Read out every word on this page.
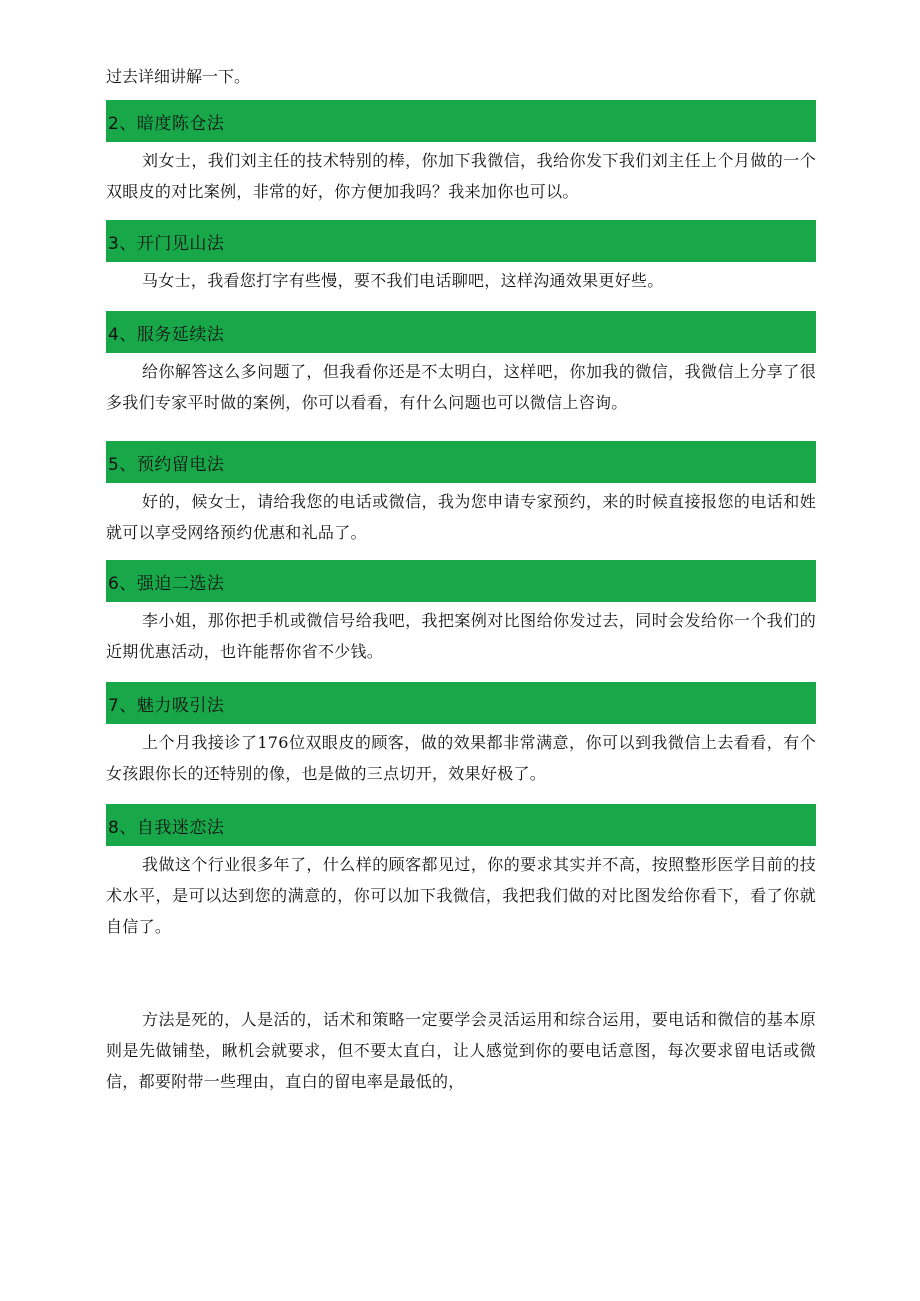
过去详细讲解一下。

2、暗度陈仓法

刘女士，我们刘主任的技术特别的棒，你加下我微信，我给你发下我们刘主任上个月做的一个双眼皮的对比案例，非常的好，你方便加我吗？我来加你也可以。

3、开门见山法

马女士，我看您打字有些慢，要不我们电话聊吧，这样沟通效果更好些。

4、服务延续法

给你解答这么多问题了，但我看你还是不太明白，这样吧，你加我的微信，我微信上分享了很多我们专家平时做的案例，你可以看看，有什么问题也可以微信上咨询。

5、预约留电法

好的，候女士，请给我您的电话或微信，我为您申请专家预约，来的时候直接报您的电话和姓就可以享受网络预约优惠和礼品了。

6、强迫二选法

李小姐，那你把手机或微信号给我吧，我把案例对比图给你发过去，同时会发给你一个我们的近期优惠活动，也许能帮你省不少钱。

7、魅力吸引法

上个月我接诊了176位双眼皮的顾客，做的效果都非常满意，你可以到我微信上去看看，有个女孩跟你长的还特别的像，也是做的三点切开，效果好极了。

8、自我迷恋法

我做这个行业很多年了，什么样的顾客都见过，你的要求其实并不高，按照整形医学目前的技术水平，是可以达到您的满意的，你可以加下我微信，我把我们做的对比图发给你看下，看了你就自信了。

方法是死的，人是活的，话术和策略一定要学会灵活运用和综合运用，要电话和微信的基本原则是先做铺垫，瞅机会就要求，但不要太直白，让人感觉到你的要电话意图，每次要求留电话或微信，都要附带一些理由，直白的留电率是最低的，
